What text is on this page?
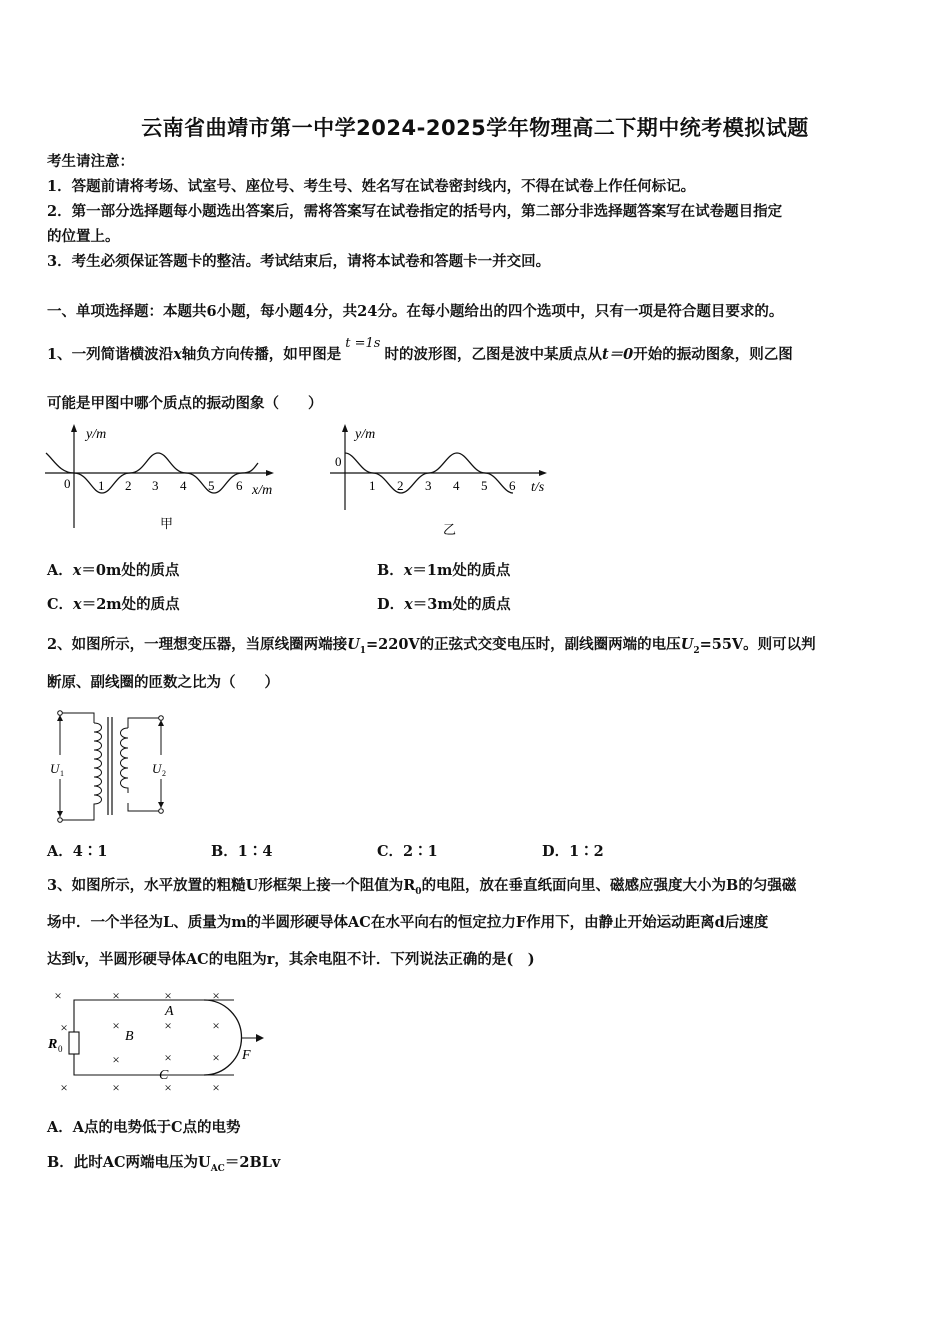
云南省曲靖市第一中学2024-2025学年物理高二下期中统考模拟试题
考生请注意：
1．答题前请将考场、试室号、座位号、考生号、姓名写在试卷密封线内，不得在试卷上作任何标记。
2．第一部分选择题每小题选出答案后，需将答案写在试卷指定的括号内，第二部分非选择题答案写在试卷题目指定
的位置上。
3．考生必须保证答题卡的整洁。考试结束后，请将本试卷和答题卡一并交回。
一、单项选择题：本题共6小题，每小题4分，共24分。在每小题给出的四个选项中，只有一项是符合题目要求的。
1、一列简谐横波沿x轴负方向传播，如甲图是t =1s时的波形图，乙图是波中某质点从t＝0开始的振动图象，则乙图
可能是甲图中哪个质点的振动图象（　　）
y/m
x/m
0 1 2 3 4 5 6
甲
y/m
t/s
0
1 2 3 4 5 6
乙
A．x＝0m处的质点	B．x＝1m处的质点
C．x＝2m处的质点	D．x＝3m处的质点
2、如图所示，一理想变压器，当原线圈两端接$U_1=220V$的正弦式交变电压时，副线圈两端的电压$U_2=55V$。则可以判
断原、副线圈的匝数之比为（　　）
U 1	U 2
A．4∶1	B．1∶4	C．2∶1	D．1∶2
3、如图所示，水平放置的粗糙U形框架上接一个阻值为$R_0$的电阻，放在垂直纸面向里、磁感应强度大小为B的匀强磁
场中．一个半径为L、质量为m的半圆形硬导体AC在水平向右的恒定拉力F作用下，由静止开始运动距离d后速度
达到v，半圆形硬导体AC的电阻为r，其余电阻不计．下列说法正确的是(　)
×	×	×	×
×	×	×	×
×
×	×
×	×	×	×
R 0
B
A
C
F
A．A点的电势低于C点的电势
B．此时AC两端电压为$U_{AC}=2BLv$
